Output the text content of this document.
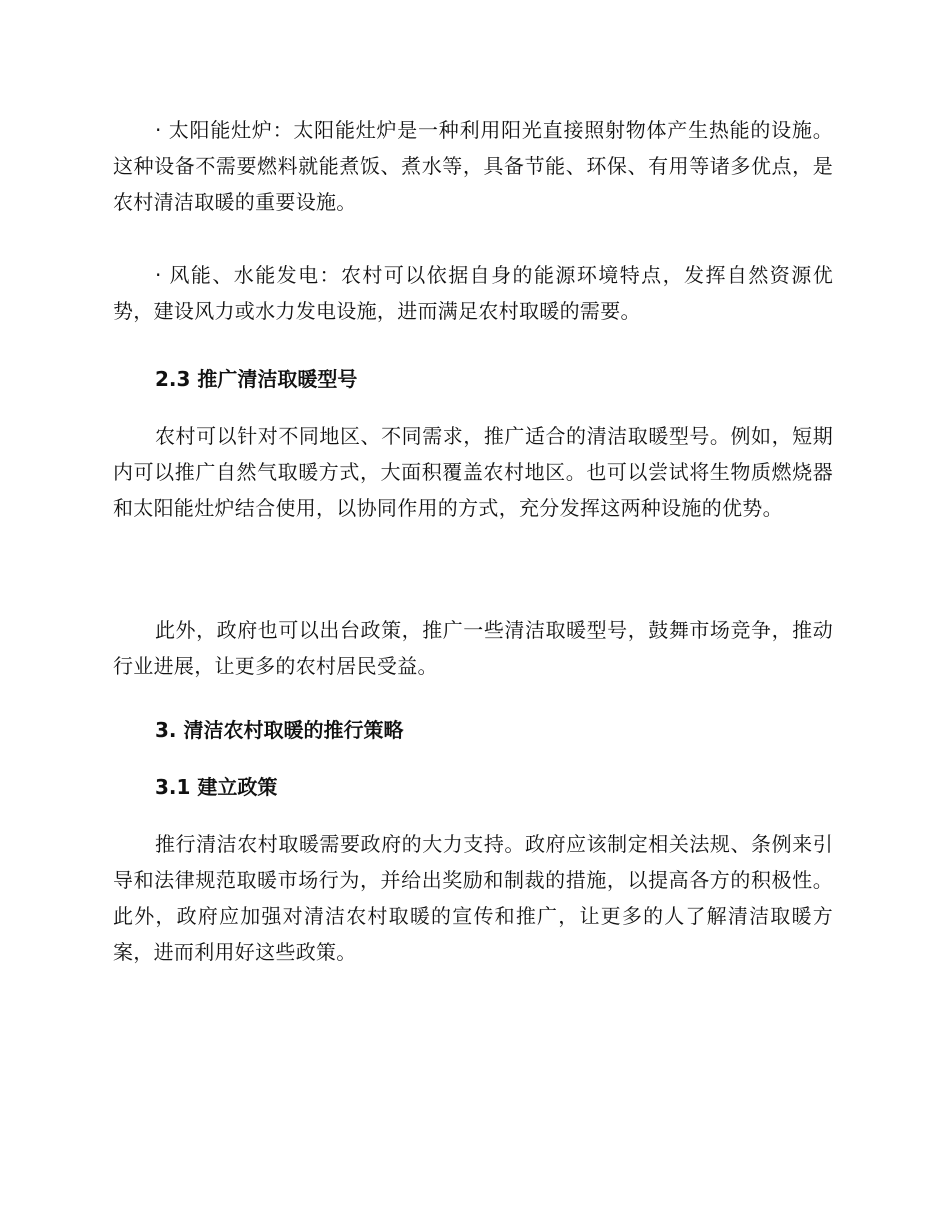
· 太阳能灶炉：太阳能灶炉是一种利用阳光直接照射物体产生热能的设施。这种设备不需要燃料就能煮饭、煮水等，具备节能、环保、有用等诸多优点，是农村清洁取暖的重要设施。

· 风能、水能发电：农村可以依据自身的能源环境特点，发挥自然资源优势，建设风力或水力发电设施，进而满足农村取暖的需要。

2.3 推广清洁取暖型号

农村可以针对不同地区、不同需求，推广适合的清洁取暖型号。例如，短期内可以推广自然气取暖方式，大面积覆盖农村地区。也可以尝试将生物质燃烧器和太阳能灶炉结合使用，以协同作用的方式，充分发挥这两种设施的优势。

此外，政府也可以出台政策，推广一些清洁取暖型号，鼓舞市场竞争，推动行业进展，让更多的农村居民受益。

3. 清洁农村取暖的推行策略
3.1 建立政策

推行清洁农村取暖需要政府的大力支持。政府应该制定相关法规、条例来引导和法律规范取暖市场行为，并给出奖励和制裁的措施，以提高各方的积极性。此外，政府应加强对清洁农村取暖的宣传和推广，让更多的人了解清洁取暖方案，进而利用好这些政策。
